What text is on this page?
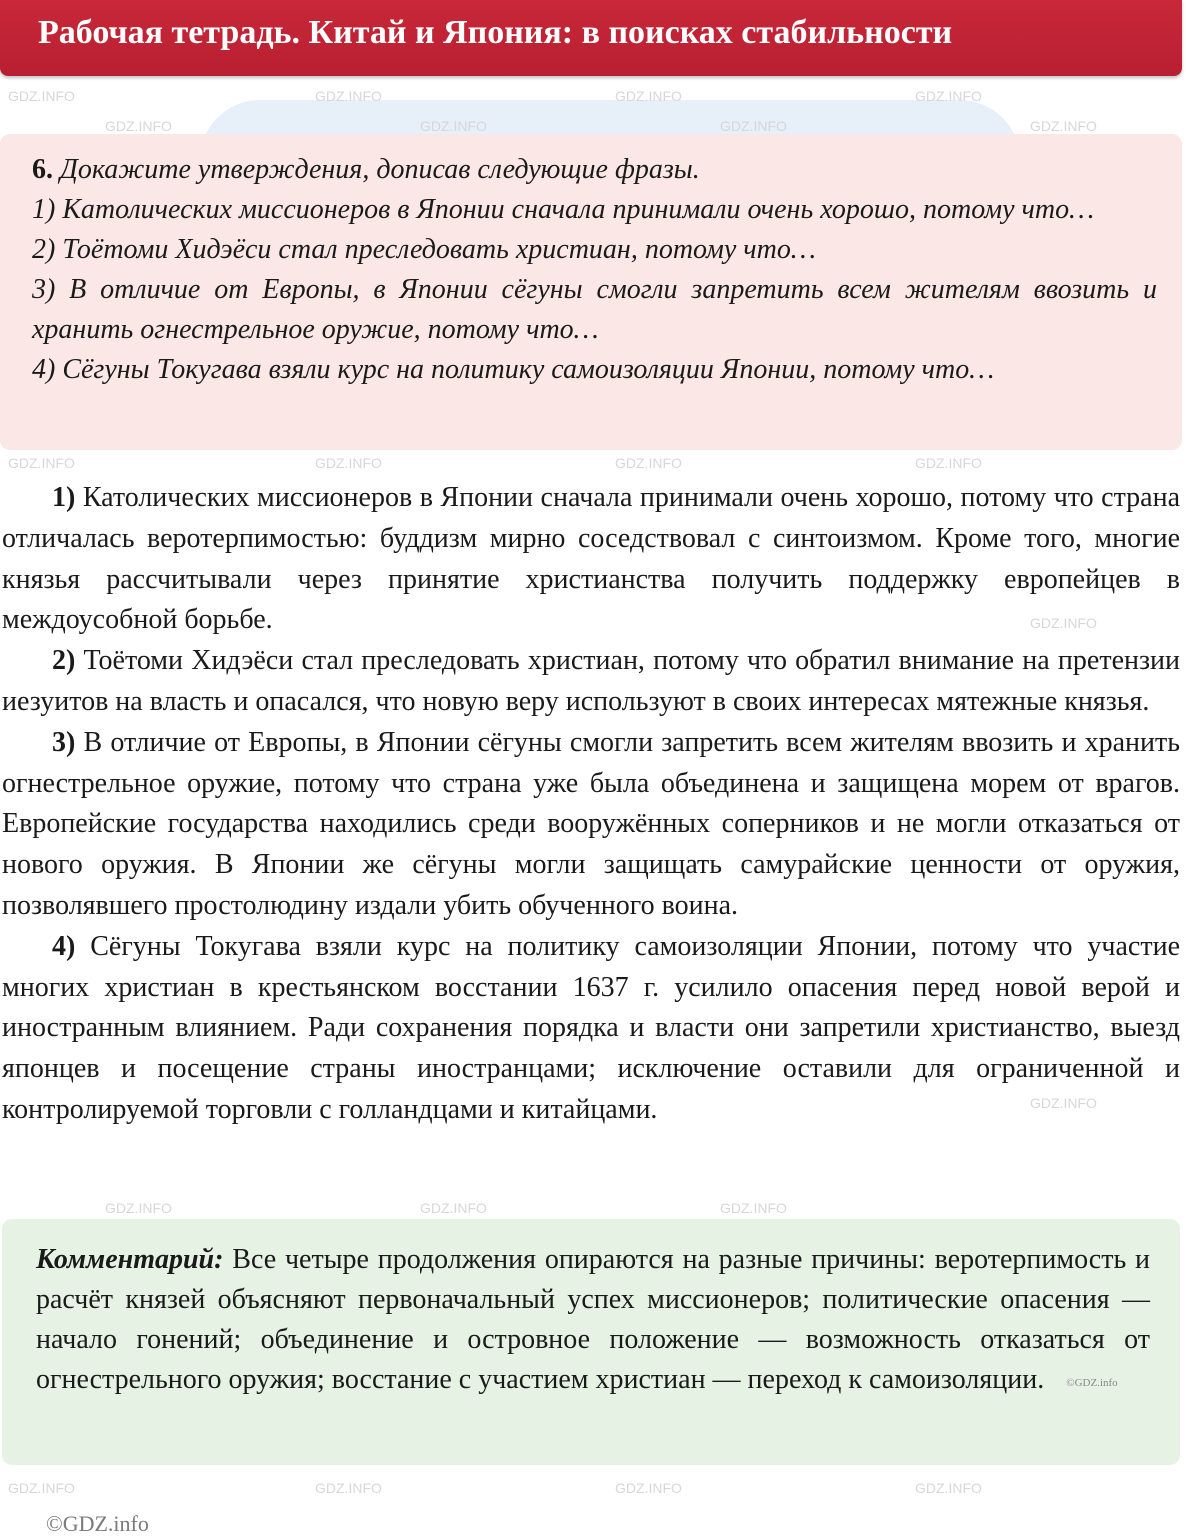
Рабочая тетрадь. Китай и Япония: в поисках стабильности

6. Докажите утверждения, дописав следующие фразы.

1) Католических миссионеров в Японии сначала принимали очень хорошо, потому что…

2) Тоётоми Хидэёси стал преследовать христиан, потому что…

3) В отличие от Европы, в Японии сёгуны смогли запретить всем жителям ввозить и хранить огнестрельное оружие, потому что…

4) Сёгуны Токугава взяли курс на политику самоизоляции Японии, потому что…

1) Католических миссионеров в Японии сначала принимали очень хорошо, потому что страна отличалась веротерпимостью: буддизм мирно соседствовал с синтоизмом. Кроме того, многие князья рассчитывали через принятие христианства получить поддержку европейцев в междоусобной борьбе.

2) Тоётоми Хидэёси стал преследовать христиан, потому что обратил внимание на претензии иезуитов на власть и опасался, что новую веру используют в своих интересах мятежные князья.

3) В отличие от Европы, в Японии сёгуны смогли запретить всем жителям ввозить и хранить огнестрельное оружие, потому что страна уже была объединена и защищена морем от врагов. Европейские государства находились среди вооружённых соперников и не могли отказаться от нового оружия. В Японии же сёгуны могли защищать самурайские ценности от оружия, позволявшего простолюдину издали убить обученного воина.

4) Сёгуны Токугава взяли курс на политику самоизоляции Японии, потому что участие многих христиан в крестьянском восстании 1637 г. усилило опасения перед новой верой и иностранным влиянием. Ради сохранения порядка и власти они запретили христианство, выезд японцев и посещение страны иностранцами; исключение оставили для ограниченной и контролируемой торговли с голландцами и китайцами.

Комментарий: Все четыре продолжения опираются на разные причины: веротерпимость и расчёт князей объясняют первоначальный успех миссионеров; политические опасения — начало гонений; объединение и островное положение — возможность отказаться от огнестрельного оружия; восстание с участием христиан — переход к самоизоляции. ©GDZ.info

©GDZ.info
GDZ.INFO	GDZ.INFO	GDZ.INFO	GDZ.INFO
GDZ.INFO	GDZ.INFO	GDZ.INFO	GDZ.INFO
GDZ.INFO	GDZ.INFO	GDZ.INFO	GDZ.INFO
GDZ.INFO
GDZ.INFO
GDZ.INFO	GDZ.INFO	GDZ.INFO
GDZ.INFO	GDZ.INFO	GDZ.INFO	GDZ.INFO
